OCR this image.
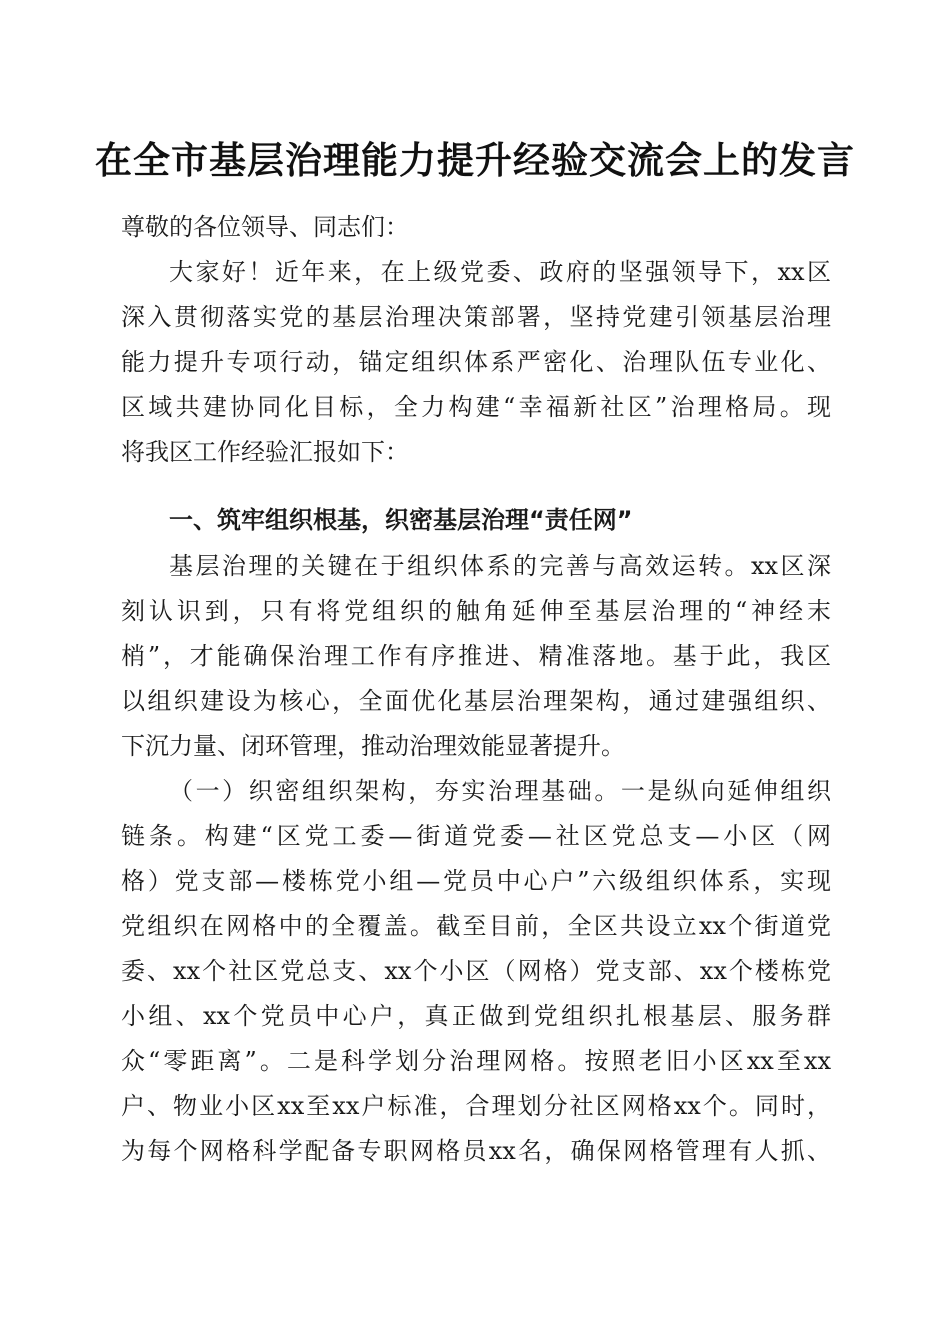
在全市基层治理能力提升经验交流会上的发言
尊敬的各位领导、同志们：
大家好！近年来，在上级党委、政府的坚强领导下，xx区
深入贯彻落实党的基层治理决策部署，坚持党建引领基层治理
能力提升专项行动，锚定组织体系严密化、治理队伍专业化、
区域共建协同化目标，全力构建“幸福新社区”治理格局。现
将我区工作经验汇报如下：
一、筑牢组织根基，织密基层治理“责任网”
基层治理的关键在于组织体系的完善与高效运转。xx区深
刻认识到，只有将党组织的触角延伸至基层治理的“神经末
梢”，才能确保治理工作有序推进、精准落地。基于此，我区
以组织建设为核心，全面优化基层治理架构，通过建强组织、
下沉力量、闭环管理，推动治理效能显著提升。
（一）织密组织架构，夯实治理基础。一是纵向延伸组织
链条。构建“区党工委—街道党委—社区党总支—小区（网
格）党支部—楼栋党小组—党员中心户”六级组织体系，实现
党组织在网格中的全覆盖。截至目前，全区共设立xx个街道党
委、xx个社区党总支、xx个小区（网格）党支部、xx个楼栋党
小组、xx个党员中心户，真正做到党组织扎根基层、服务群
众“零距离”。二是科学划分治理网格。按照老旧小区xx至xx
户、物业小区xx至xx户标准，合理划分社区网格xx个。同时，
为每个网格科学配备专职网格员xx名，确保网格管理有人抓、
